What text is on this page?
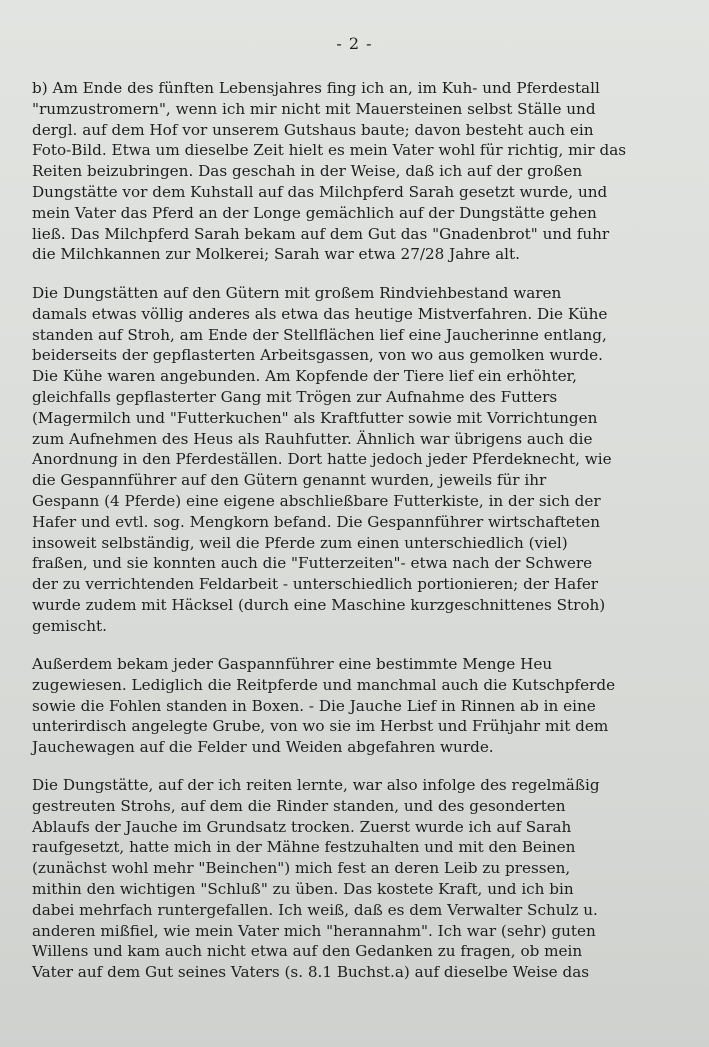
- 2 -
b) Am Ende des fünften Lebensjahres fing ich an, im Kuh- und Pferdestall
"rumzustromern", wenn ich mir nicht mit Mauersteinen selbst Ställe und
dergl. auf dem Hof vor unserem Gutshaus baute; davon besteht auch ein
Foto-Bild. Etwa um dieselbe Zeit hielt es mein Vater wohl für richtig, mir das
Reiten beizubringen. Das geschah in der Weise, daß ich auf der großen
Dungstätte vor dem Kuhstall auf das Milchpferd Sarah gesetzt wurde, und
mein Vater das Pferd an der Longe gemächlich auf der Dungstätte gehen
ließ. Das Milchpferd Sarah bekam auf dem Gut das "Gnadenbrot" und fuhr
die Milchkannen zur Molkerei; Sarah war etwa 27/28 Jahre alt.
Die Dungstätten auf den Gütern mit großem Rindviehbestand waren
damals etwas völlig anderes als etwa das heutige Mistverfahren. Die Kühe
standen auf Stroh, am Ende der Stellflächen lief eine Jaucherinne entlang,
beiderseits der gepflasterten Arbeitsgassen, von wo aus gemolken wurde.
Die Kühe waren angebunden. Am Kopfende der Tiere lief ein erhöhter,
gleichfalls gepflasterter Gang mit Trögen zur Aufnahme des Futters
(Magermilch und "Futterkuchen" als Kraftfutter sowie mit Vorrichtungen
zum Aufnehmen des Heus als Rauhfutter. Ähnlich war übrigens auch die
Anordnung in den Pferdeställen. Dort hatte jedoch jeder Pferdeknecht, wie
die Gespannführer auf den Gütern genannt wurden, jeweils für ihr
Gespann (4 Pferde) eine eigene abschließbare Futterkiste, in der sich der
Hafer und evtl. sog. Mengkorn befand. Die Gespannführer wirtschafteten
insoweit selbständig, weil die Pferde zum einen unterschiedlich (viel)
fraßen, und sie konnten auch die "Futterzeiten"- etwa nach der Schwere
der zu verrichtenden Feldarbeit - unterschiedlich portionieren; der Hafer
wurde zudem mit Häcksel (durch eine Maschine kurzgeschnittenes Stroh)
gemischt.
Außerdem bekam jeder Gaspannführer eine bestimmte Menge Heu
zugewiesen. Lediglich die Reitpferde und manchmal auch die Kutschpferde
sowie die Fohlen standen in Boxen. - Die Jauche Lief in Rinnen ab in eine
unterirdisch angelegte Grube, von wo sie im Herbst und Frühjahr mit dem
Jauchewagen auf die Felder und Weiden abgefahren wurde.
Die Dungstätte, auf der ich reiten lernte, war also infolge des regelmäßig
gestreuten Strohs, auf dem die Rinder standen, und des gesonderten
Ablaufs der Jauche im Grundsatz trocken. Zuerst wurde ich auf Sarah
raufgesetzt, hatte mich in der Mähne festzuhalten und mit den Beinen
(zunächst wohl mehr "Beinchen") mich fest an deren Leib zu pressen,
mithin den wichtigen "Schluß" zu üben. Das kostete Kraft, und ich bin
dabei mehrfach runtergefallen. Ich weiß, daß es dem Verwalter Schulz u.
anderen mißfiel, wie mein Vater mich "herannahm". Ich war (sehr) guten
Willens und kam auch nicht etwa auf den Gedanken zu fragen, ob mein
Vater auf dem Gut seines Vaters (s. 8.1 Buchst.a) auf dieselbe Weise das
